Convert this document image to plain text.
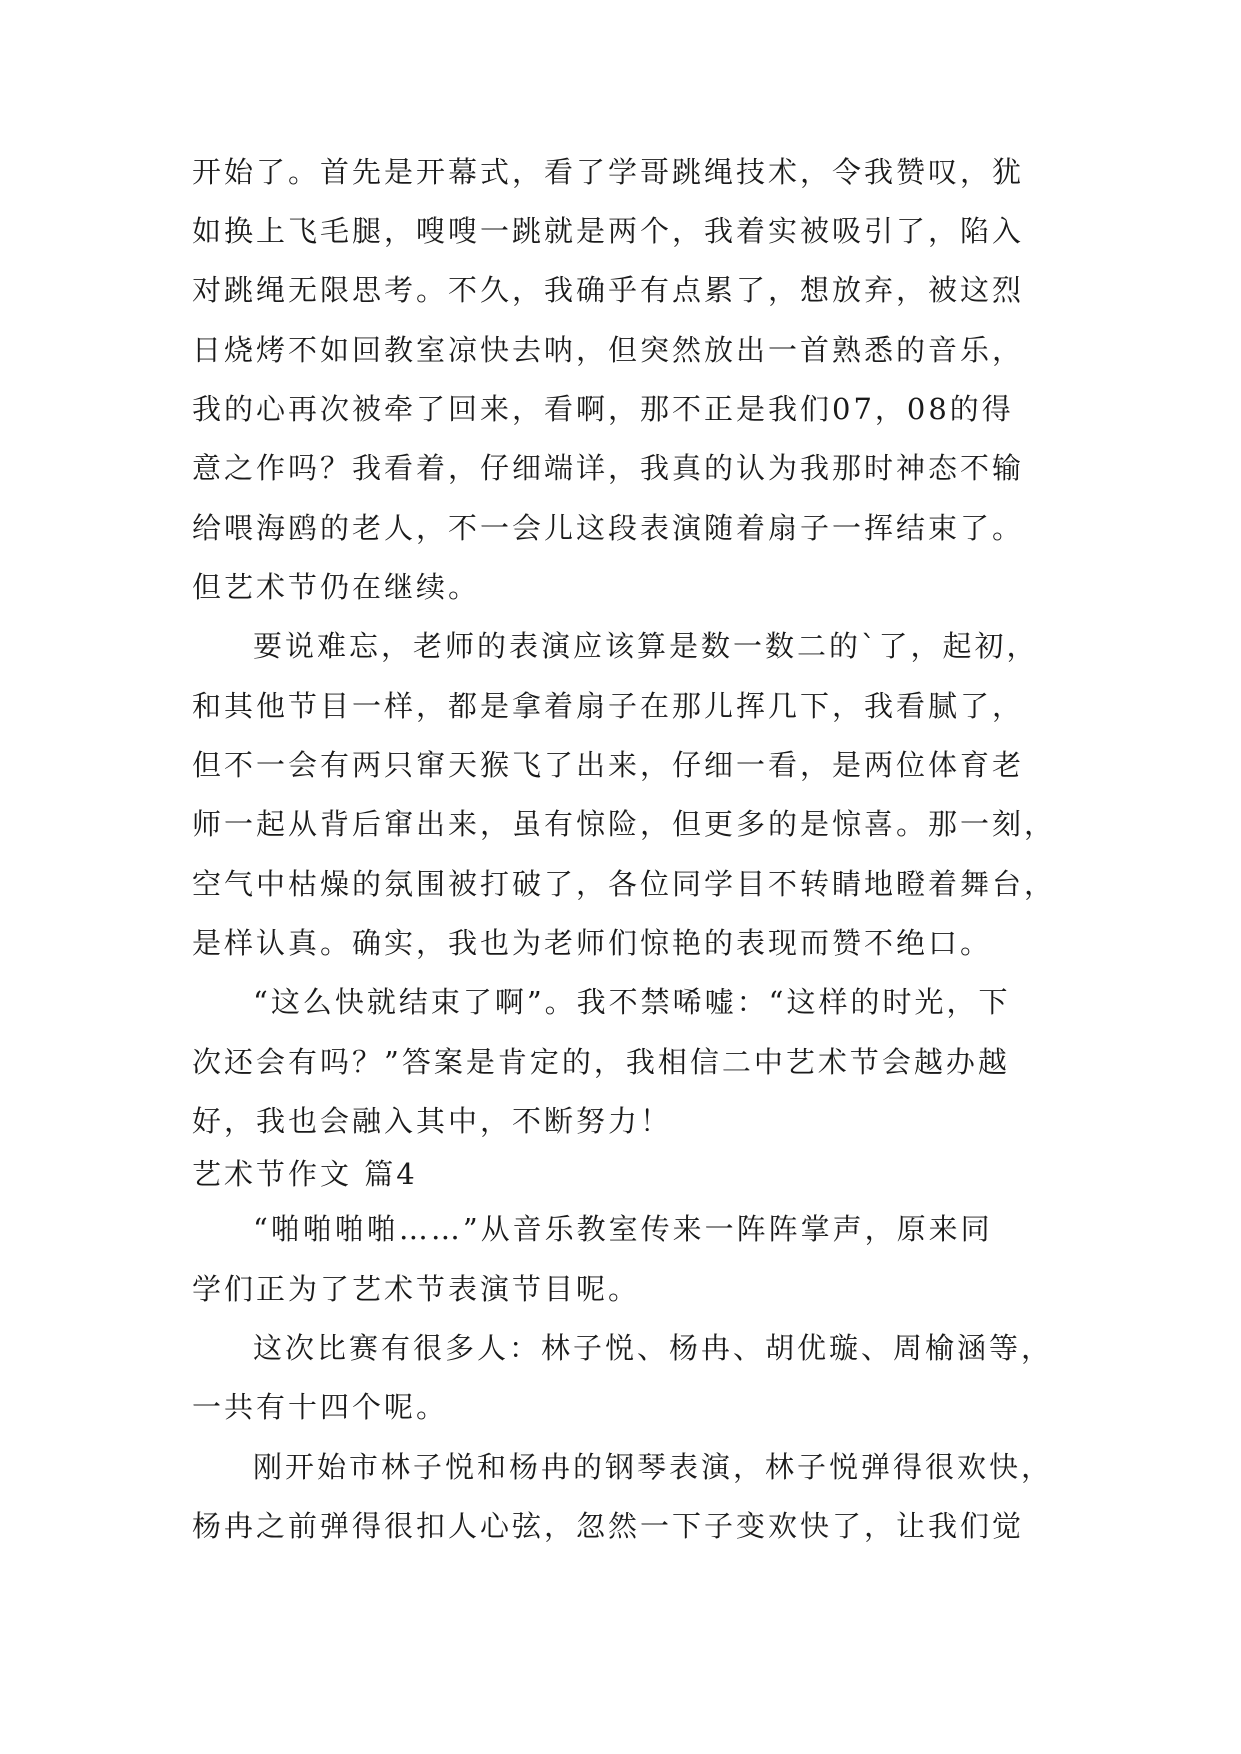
开始了。首先是开幕式，看了学哥跳绳技术，令我赞叹，犹
如换上飞毛腿，嗖嗖一跳就是两个，我着实被吸引了，陷入
对跳绳无限思考。不久，我确乎有点累了，想放弃，被这烈
日烧烤不如回教室凉快去呐，但突然放出一首熟悉的音乐，
我的心再次被牵了回来，看啊，那不正是我们07，08的得
意之作吗？我看着，仔细端详，我真的认为我那时神态不输
给喂海鸥的老人，不一会儿这段表演随着扇子一挥结束了。
但艺术节仍在继续。
要说难忘，老师的表演应该算是数一数二的`了，起初，
和其他节目一样，都是拿着扇子在那儿挥几下，我看腻了，
但不一会有两只窜天猴飞了出来，仔细一看，是两位体育老
师一起从背后窜出来，虽有惊险，但更多的是惊喜。那一刻，
空气中枯燥的氛围被打破了，各位同学目不转睛地瞪着舞台，
是样认真。确实，我也为老师们惊艳的表现而赞不绝口。
“这么快就结束了啊”。我不禁唏嘘：“这样的时光，下
次还会有吗？”答案是肯定的，我相信二中艺术节会越办越
好，我也会融入其中，不断努力！
艺术节作文 篇4
“啪啪啪啪……”从音乐教室传来一阵阵掌声，原来同
学们正为了艺术节表演节目呢。
这次比赛有很多人：林子悦、杨冉、胡优璇、周榆涵等，
一共有十四个呢。
刚开始市林子悦和杨冉的钢琴表演，林子悦弹得很欢快，
杨冉之前弹得很扣人心弦，忽然一下子变欢快了，让我们觉
